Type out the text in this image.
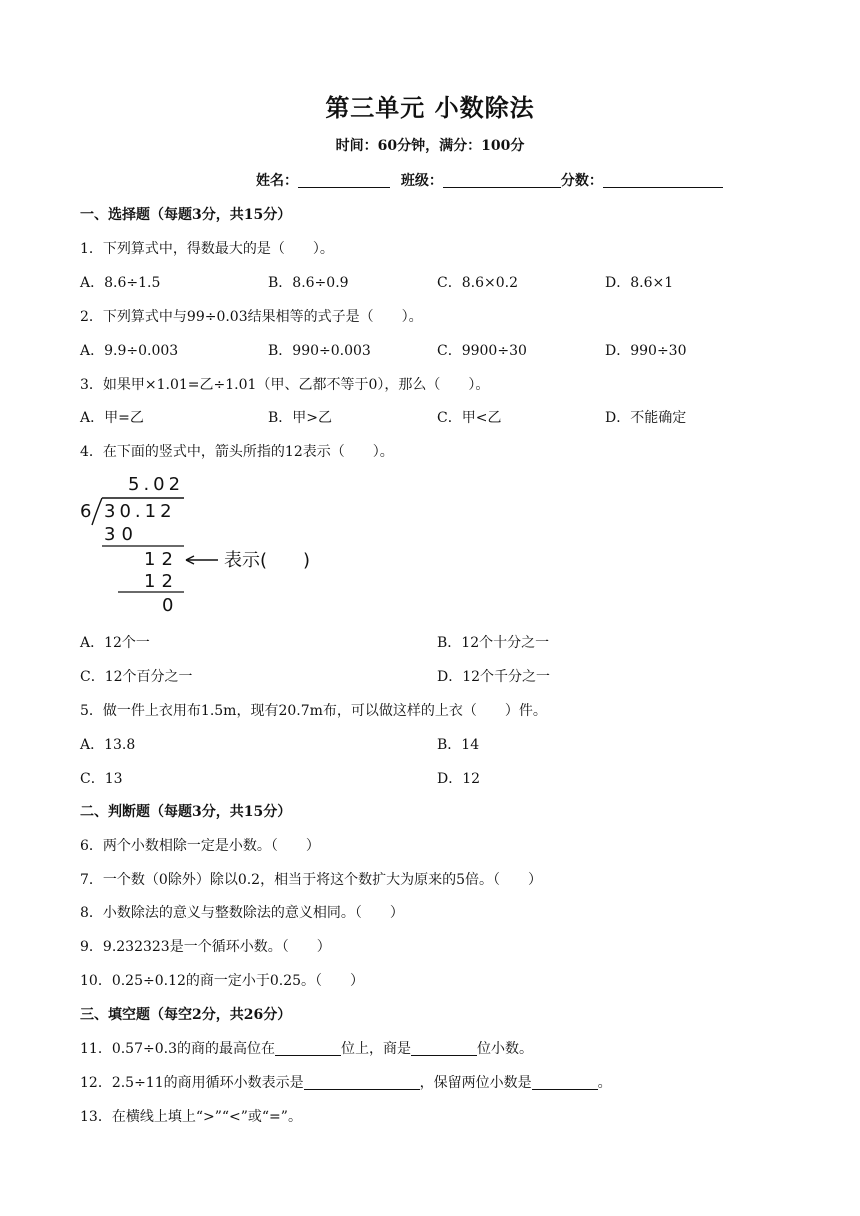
第三单元 小数除法
时间：60分钟，满分：100分
姓名：	班级：	分数：
一、选择题（每题3分，共15分）
1．下列算式中，得数最大的是（　　）。
A．8.6÷1.5	B．8.6÷0.9	C．8.6×0.2	D．8.6×1
2．下列算式中与99÷0.03结果相等的式子是（　　）。
A．9.9÷0.003	B．990÷0.003	C．9900÷30	D．990÷30
3．如果甲×1.01=乙÷1.01（甲、乙都不等于0），那么（　　）。
A．甲=乙	B．甲>乙	C．甲<乙	D．不能确定
4．在下面的竖式中，箭头所指的12表示（　　）。
5.02
6 30.12
30
12	表示(　　)
12
0
A．12个一	B．12个十分之一
C．12个百分之一	D．12个千分之一
5．做一件上衣用布1.5m，现有20.7m布，可以做这样的上衣（　　）件。
A．13.8	B．14
C．13	D．12
二、判断题（每题3分，共15分）
6．两个小数相除一定是小数。（　　）
7．一个数（0除外）除以0.2，相当于将这个数扩大为原来的5倍。（　　）
8．小数除法的意义与整数除法的意义相同。（　　）
9．9.232323是一个循环小数。（　　）
10．0.25÷0.12的商一定小于0.25。（　　）
三、填空题（每空2分，共26分）
11．0.57÷0.3的商的最高位在	位上，商是	位小数。
12．2.5÷11的商用循环小数表示是	，保留两位小数是	。
13．在横线上填上“>”“<”或“=”。
